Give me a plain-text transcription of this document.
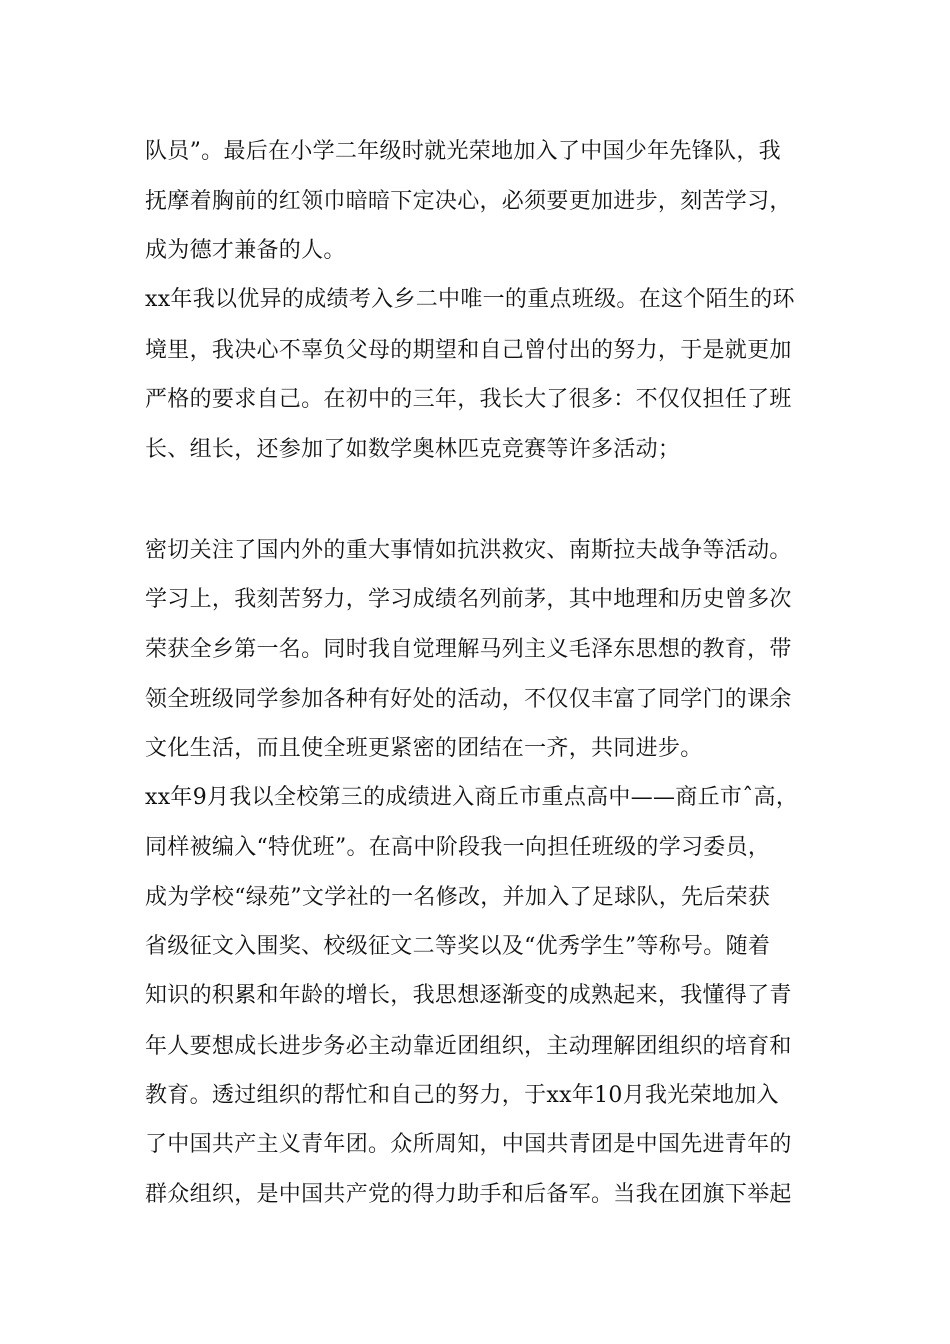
队员”。最后在小学二年级时就光荣地加入了中国少年先锋队，我
抚摩着胸前的红领巾暗暗下定决心，必须要更加进步，刻苦学习，
成为德才兼备的人。
xx年我以优异的成绩考入乡二中唯一的重点班级。在这个陌生的环
境里，我决心不辜负父母的期望和自己曾付出的努力，于是就更加
严格的要求自己。在初中的三年，我长大了很多：不仅仅担任了班
长、组长，还参加了如数学奥林匹克竞赛等许多活动；
密切关注了国内外的重大事情如抗洪救灾、南斯拉夫战争等活动。
学习上，我刻苦努力，学习成绩名列前茅，其中地理和历史曾多次
荣获全乡第一名。同时我自觉理解马列主义毛泽东思想的教育，带
领全班级同学参加各种有好处的活动，不仅仅丰富了同学门的课余
文化生活，而且使全班更紧密的团结在一齐，共同进步。
xx年9月我以全校第三的成绩进入商丘市重点高中——商丘市ˆ高，
同样被编入“特优班”。在高中阶段我一向担任班级的学习委员，
成为学校“绿苑”文学社的一名修改，并加入了足球队，先后荣获
省级征文入围奖、校级征文二等奖以及“优秀学生”等称号。随着
知识的积累和年龄的增长，我思想逐渐变的成熟起来，我懂得了青
年人要想成长进步务必主动靠近团组织，主动理解团组织的培育和
教育。透过组织的帮忙和自己的努力，于xx年10月我光荣地加入
了中国共产主义青年团。众所周知，中国共青团是中国先进青年的
群众组织，是中国共产党的得力助手和后备军。当我在团旗下举起
